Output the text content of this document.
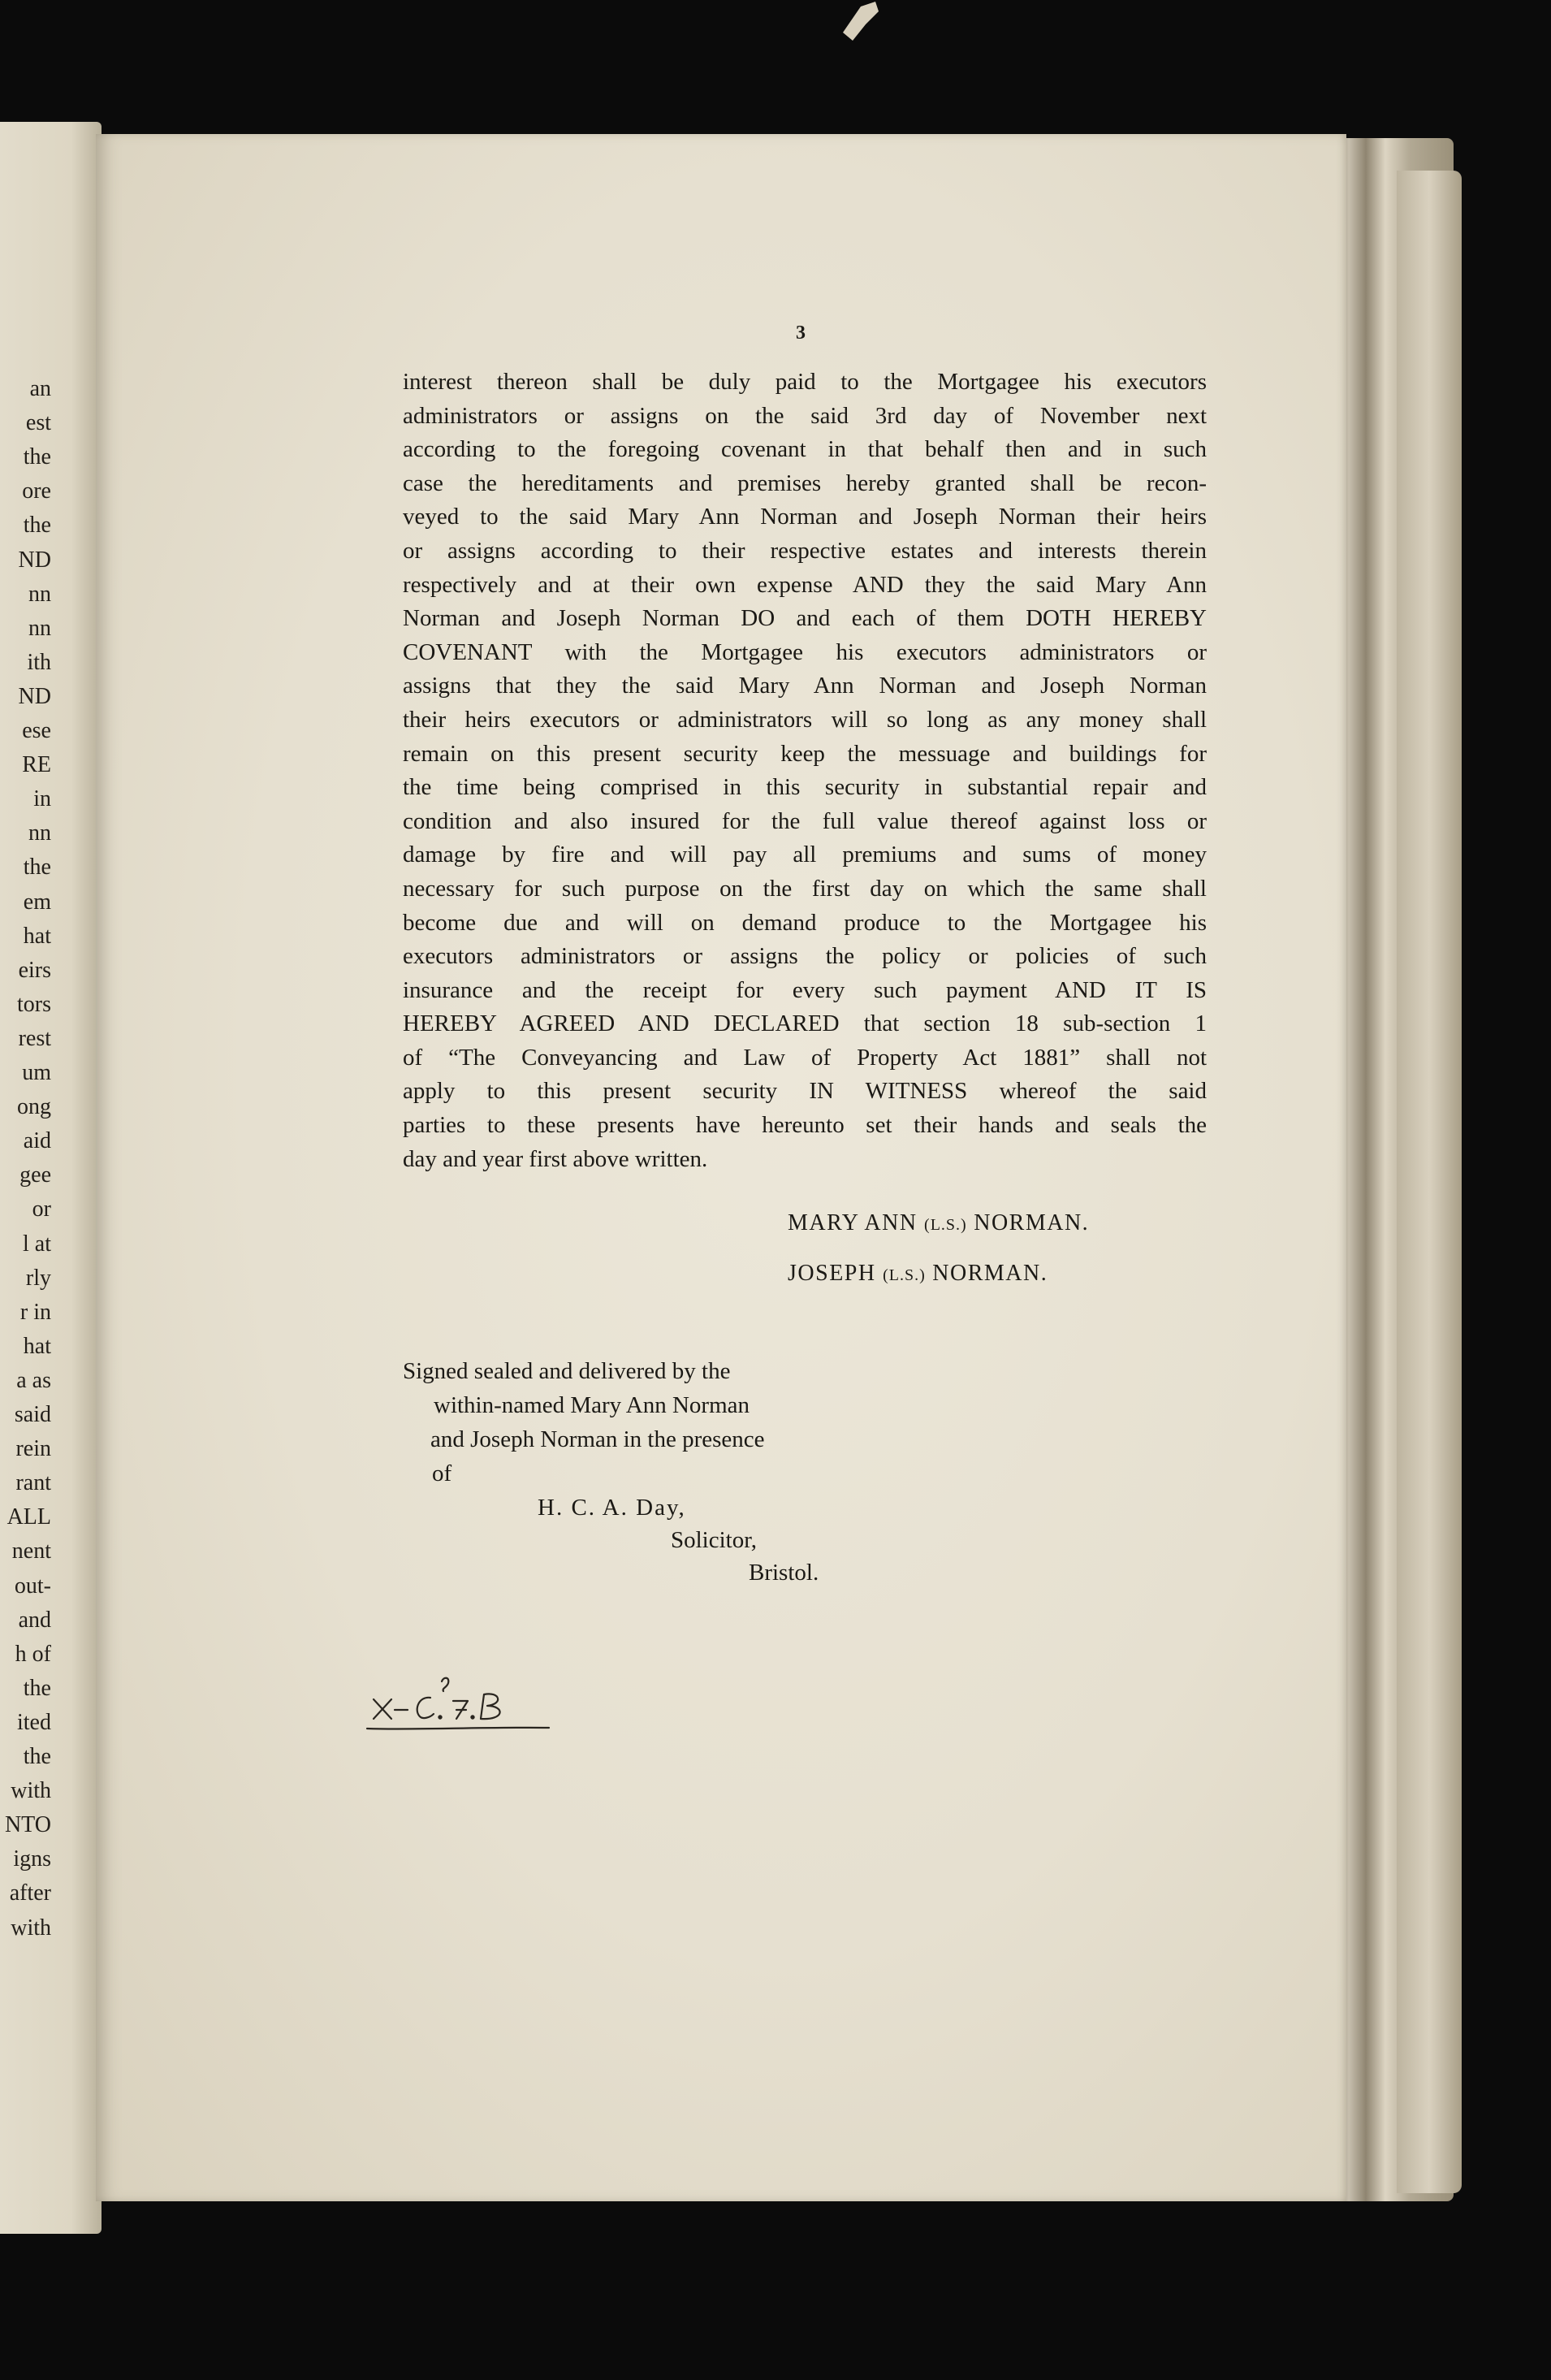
an
est
the
ore
the
ND
nn
nn
ith
ND
ese
RE
in
nn
the
em
hat
eirs
tors
rest
um
ong
aid
gee
or
l at
rly
r in
hat
a as
said
rein
rant
ALL
nent
out-
and
h of
the
ited
the
with
NTO
igns
after
with
3
interest thereon shall be duly paid to the Mortgagee his executors
administrators or assigns on the said 3rd day of November next
according to the foregoing covenant in that behalf then and in such
case the hereditaments and premises hereby granted shall be recon-
veyed to the said Mary Ann Norman and Joseph Norman their heirs
or assigns according to their respective estates and interests therein
respectively and at their own expense AND they the said Mary Ann
Norman and Joseph Norman DO and each of them DOTH HEREBY
COVENANT with the Mortgagee his executors administrators or
assigns that they the said Mary Ann Norman and Joseph Norman
their heirs executors or administrators will so long as any money shall
remain on this present security keep the messuage and buildings for
the time being comprised in this security in substantial repair and
condition and also insured for the full value thereof against loss or
damage by fire and will pay all premiums and sums of money
necessary for such purpose on the first day on which the same shall
become due and will on demand produce to the Mortgagee his
executors administrators or assigns the policy or policies of such
insurance and the receipt for every such payment AND IT IS
HEREBY AGREED AND DECLARED that section 18 sub-section 1
of “The Conveyancing and Law of Property Act 1881” shall not
apply to this present security IN WITNESS whereof the said
parties to these presents have hereunto set their hands and seals the
day and year first above written.
MARY ANN (L.S.) NORMAN.
JOSEPH (L.S.) NORMAN.
Signed sealed and delivered by the
within-named Mary Ann Norman
and Joseph Norman in the presence
of
H. C. A. Day,
Solicitor,
Bristol.
